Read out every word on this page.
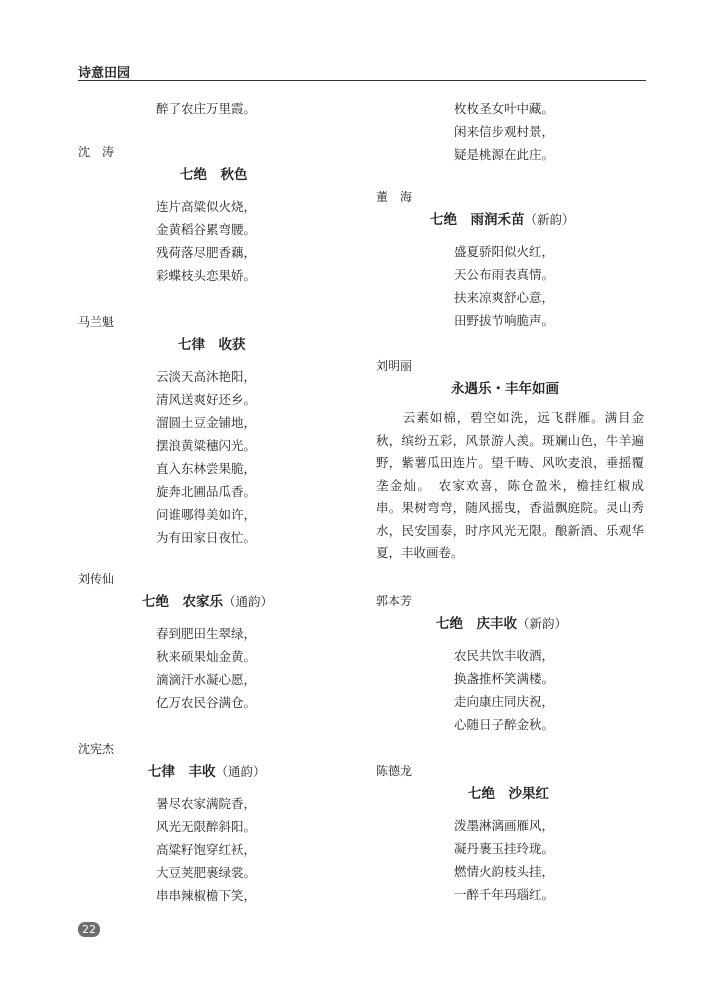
诗意田园
醉了农庄万里霞。
沈　涛
七绝　秋色
连片高粱似火烧，
金黄稻谷累弯腰。
残荷落尽肥香藕，
彩蝶枝头恋果娇。
马兰魁
七律　收获
云淡天高沐艳阳，
清风送爽好还乡。
溜圆土豆金铺地，
摆浪黄粱穗闪光。
直入东林尝果脆，
旋奔北圃品瓜香。
问谁哪得美如许，
为有田家日夜忙。
刘传仙
七绝　农家乐（通韵）
春到肥田生翠绿，
秋来硕果灿金黄。
滴滴汗水凝心愿，
亿万农民谷满仓。
沈宪杰
七律　丰收（通韵）
暑尽农家满院香，
风光无限醉斜阳。
高粱籽饱穿红袄，
大豆荚肥裹绿裳。
串串辣椒檐下笑，
枚枚圣女叶中藏。
闲来信步观村景，
疑是桃源在此庄。
董　海
七绝　雨润禾苗（新韵）
盛夏骄阳似火红，
天公布雨表真情。
扶来凉爽舒心意，
田野拔节响脆声。
刘明丽
永遇乐・丰年如画
　　云素如棉，碧空如洗，远飞群雁。满目金秋，缤纷五彩，风景游人羡。斑斓山色，牛羊遍野，紫薯瓜田连片。望千畴、风吹麦浪，垂摇覆垄金灿。　农家欢喜，陈仓盈米，檐挂红椒成串。果树弯弯，随风摇曳，香溢飘庭院。灵山秀水，民安国泰，时序风光无限。酿新酒、乐观华夏，丰收画卷。
郭本芳
七绝　庆丰收（新韵）
农民共饮丰收酒，
换盏推杯笑满楼。
走向康庄同庆祝，
心随日子醉金秋。
陈德龙
七绝　沙果红
泼墨淋漓画雁风，
凝丹裹玉挂玲珑。
燃情火韵枝头挂，
一醉千年玛瑙红。
22
